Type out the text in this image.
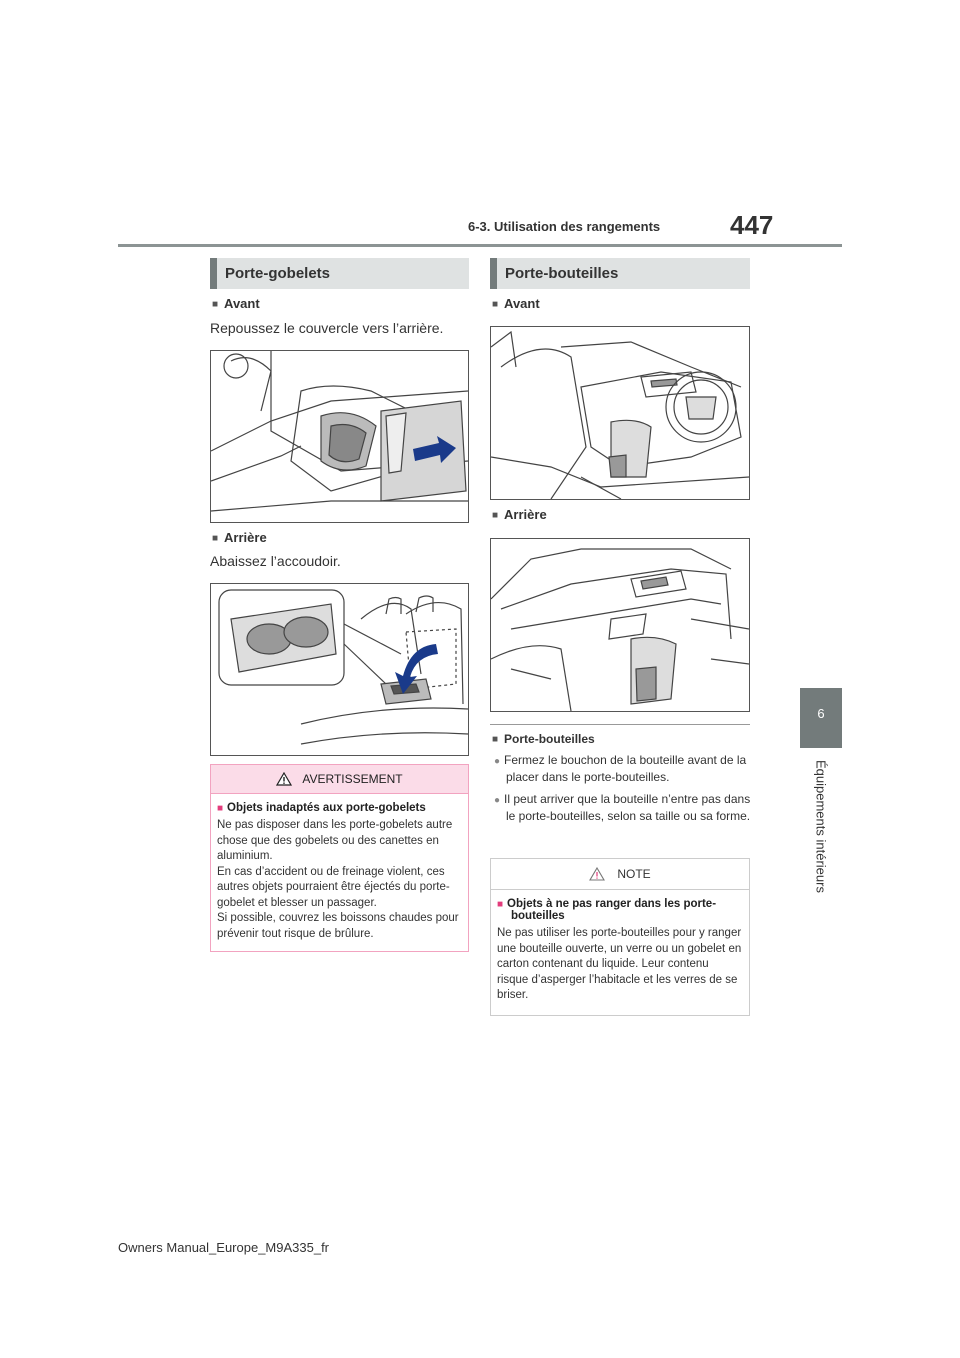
6-3. Utilisation des rangements	447
6
Équipements intérieurs
Porte-gobelets
■ Avant
Repoussez le couvercle vers l’arrière.
■ Arrière
Abaissez l’accoudoir.
AVERTISSEMENT
■ Objets inadaptés aux porte-gobelets
Ne pas disposer dans les porte-gobelets autre chose que des gobelets ou des canettes en aluminium.
En cas d’accident ou de freinage violent, ces autres objets pourraient être éjectés du porte-gobelet et blesser un passager.
Si possible, couvrez les boissons chaudes pour prévenir tout risque de brûlure.
Porte-bouteilles
■ Avant
■ Arrière
■ Porte-bouteilles
● Fermez le bouchon de la bouteille avant de la placer dans le porte-bouteilles.
● Il peut arriver que la bouteille n’entre pas dans le porte-bouteilles, selon sa taille ou sa forme.
NOTE
■ Objets à ne pas ranger dans les porte-bouteilles
Ne pas utiliser les porte-bouteilles pour y ranger une bouteille ouverte, un verre ou un gobelet en carton contenant du liquide. Leur contenu risque d’asperger l’habitacle et les verres de se briser.
Owners Manual_Europe_M9A335_fr
